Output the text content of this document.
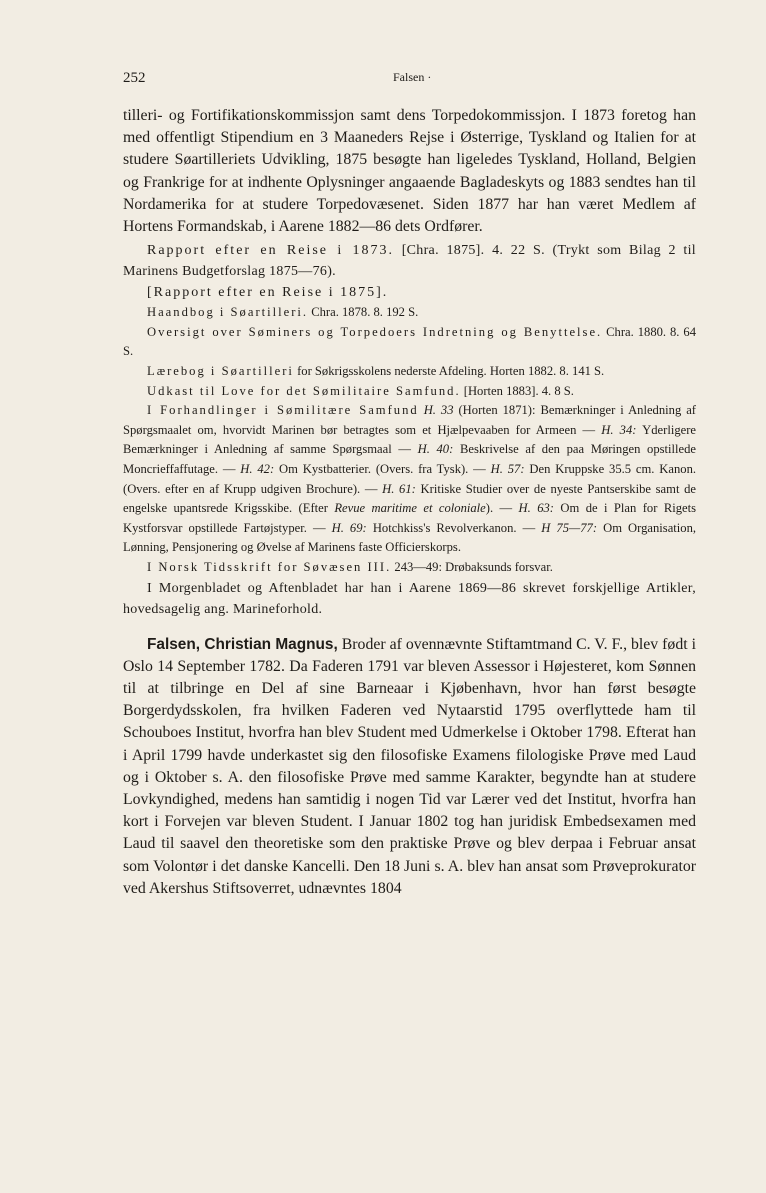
252	Falsen ·

tilleri- og Fortifikationskommissjon samt dens Torpedokommissjon. I 1873 foretog han med offentligt Stipendium en 3 Maaneders Rejse i Østerrige, Tyskland og Italien for at studere Søartilleriets Udvikling, 1875 besøgte han ligeledes Tyskland, Holland, Belgien og Frankrige for at indhente Oplysninger angaaende Bagladeskyts og 1883 sendtes han til Nordamerika for at studere Torpedovæsenet. Siden 1877 har han været Medlem af Hortens Formandskab, i Aarene 1882—86 dets Ordfører.

Rapport efter en Reise i 1873. [Chra. 1875]. 4. 22 S. (Trykt som Bilag 2 til Marinens Budgetforslag 1875—76).

[Rapport efter en Reise i 1875].

Haandbog i Søartilleri. Chra. 1878. 8. 192 S.

Oversigt over Søminers og Torpedoers Indretning og Benyttelse. Chra. 1880. 8. 64 S.

Lærebog i Søartilleri for Søkrigsskolens nederste Afdeling. Horten 1882. 8. 141 S.

Udkast til Love for det Sømilitaire Samfund. [Horten 1883]. 4. 8 S.

I Forhandlinger i Sømilitære Samfund H. 33 (Horten 1871): Bemærkninger i Anledning af Spørgsmaalet om, hvorvidt Marinen bør betragtes som et Hjælpevaaben for Armeen — H. 34: Yderligere Bemærkninger i Anledning af samme Spørgsmaal — H. 40: Beskrivelse af den paa Møringen opstillede Moncrieffaffutage. — H. 42: Om Kystbatterier. (Overs. fra Tysk). — H. 57: Den Kruppske 35.5 cm. Kanon. (Overs. efter en af Krupp udgiven Brochure). — H. 61: Kritiske Studier over de nyeste Pantserskibe samt de engelske upantsrede Krigsskibe. (Efter Revue maritime et coloniale). — H. 63: Om de i Plan for Rigets Kystforsvar opstillede Fartøjstyper. — H. 69: Hotchkiss's Revolverkanon. — H 75—77: Om Organisation, Lønning, Pensjonering og Øvelse af Marinens faste Officierskorps.

I Norsk Tidsskrift for Søvæsen III. 243—49: Drøbaksunds forsvar.

I Morgenbladet og Aftenbladet har han i Aarene 1869—86 skrevet forskjellige Artikler, hovedsagelig ang. Marineforhold.

Falsen, Christian Magnus, Broder af ovennævnte Stiftamtmand C. V. F., blev født i Oslo 14 September 1782. Da Faderen 1791 var bleven Assessor i Højesteret, kom Sønnen til at tilbringe en Del af sine Barneaar i Kjøbenhavn, hvor han først besøgte Borgerdydsskolen, fra hvilken Faderen ved Nytaarstid 1795 overflyttede ham til Schouboes Institut, hvorfra han blev Student med Udmerkelse i Oktober 1798. Efterat han i April 1799 havde underkastet sig den filosofiske Examens filologiske Prøve med Laud og i Oktober s. A. den filosofiske Prøve med samme Karakter, begyndte han at studere Lovkyndighed, medens han samtidig i nogen Tid var Lærer ved det Institut, hvorfra han kort i Forvejen var bleven Student. I Januar 1802 tog han juridisk Embedsexamen med Laud til saavel den theoretiske som den praktiske Prøve og blev derpaa i Februar ansat som Volontør i det danske Kancelli. Den 18 Juni s. A. blev han ansat som Prøveprokurator ved Akershus Stiftsoverret, udnævntes 1804
